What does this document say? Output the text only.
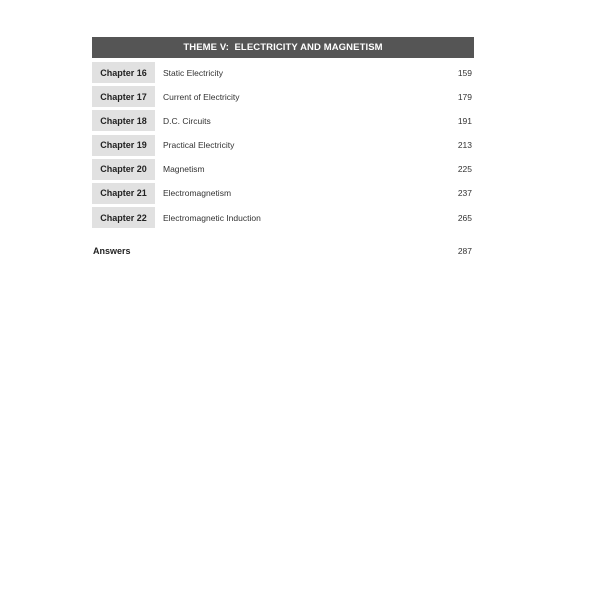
THEME V:  ELECTRICITY AND MAGNETISM
Chapter 16	Static Electricity	159
Chapter 17	Current of Electricity	179
Chapter 18	D.C. Circuits	191
Chapter 19	Practical Electricity	213
Chapter 20	Magnetism	225
Chapter 21	Electromagnetism	237
Chapter 22	Electromagnetic Induction	265
Answers	287
